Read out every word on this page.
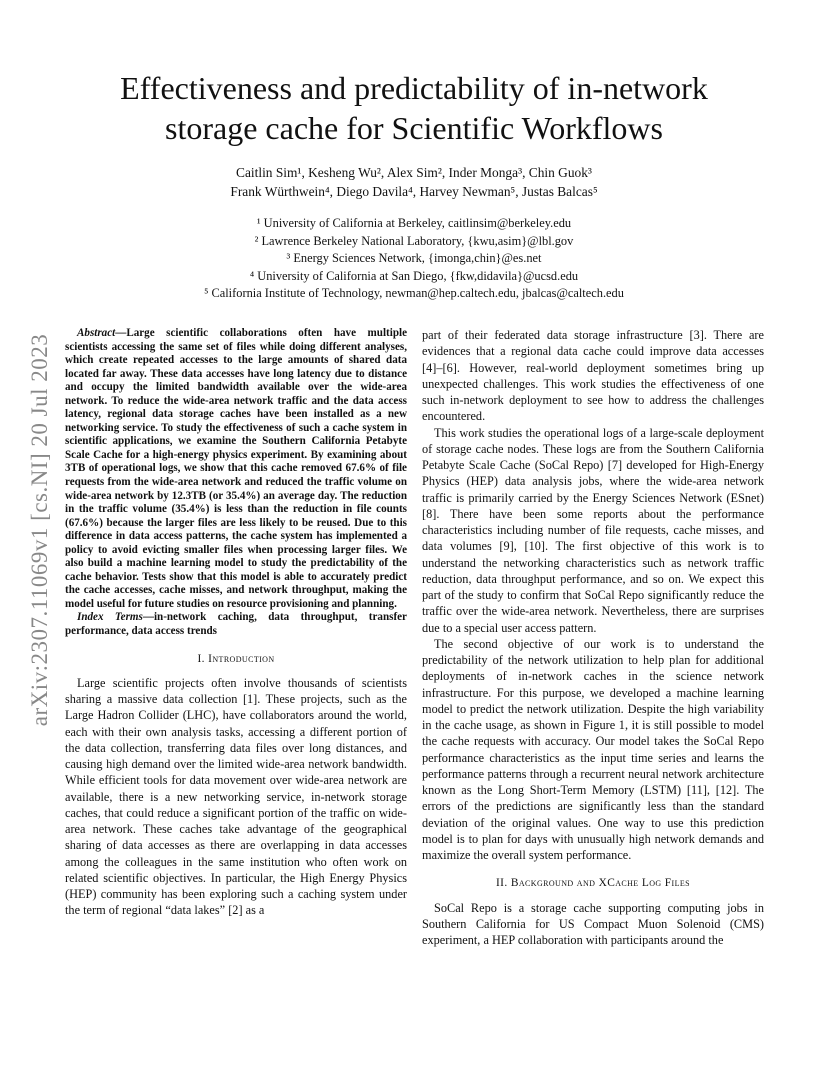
arXiv:2307.11069v1 [cs.NI] 20 Jul 2023
Effectiveness and predictability of in-network
storage cache for Scientific Workflows
Caitlin Sim¹, Kesheng Wu², Alex Sim², Inder Monga³, Chin Guok³
Frank Würthwein⁴, Diego Davila⁴, Harvey Newman⁵, Justas Balcas⁵
¹ University of California at Berkeley, caitlinsim@berkeley.edu
² Lawrence Berkeley National Laboratory, {kwu,asim}@lbl.gov
³ Energy Sciences Network, {imonga,chin}@es.net
⁴ University of California at San Diego, {fkw,didavila}@ucsd.edu
⁵ California Institute of Technology, newman@hep.caltech.edu, jbalcas@caltech.edu

Abstract—Large scientific collaborations often have multiple scientists accessing the same set of files while doing different analyses, which create repeated accesses to the large amounts of shared data located far away. These data accesses have long latency due to distance and occupy the limited bandwidth available over the wide-area network. To reduce the wide-area network traffic and the data access latency, regional data storage caches have been installed as a new networking service. To study the effectiveness of such a cache system in scientific applications, we examine the Southern California Petabyte Scale Cache for a high-energy physics experiment. By examining about 3TB of operational logs, we show that this cache removed 67.6% of file requests from the wide-area network and reduced the traffic volume on wide-area network by 12.3TB (or 35.4%) an average day. The reduction in the traffic volume (35.4%) is less than the reduction in file counts (67.6%) because the larger files are less likely to be reused. Due to this difference in data access patterns, the cache system has implemented a policy to avoid evicting smaller files when processing larger files. We also build a machine learning model to study the predictability of the cache behavior. Tests show that this model is able to accurately predict the cache accesses, cache misses, and network throughput, making the model useful for future studies on resource provisioning and planning.

Index Terms—in-network caching, data throughput, transfer performance, data access trends

I. Introduction

Large scientific projects often involve thousands of scientists sharing a massive data collection [1]. These projects, such as the Large Hadron Collider (LHC), have collaborators around the world, each with their own analysis tasks, accessing a different portion of the data collection, transferring data files over long distances, and causing high demand over the limited wide-area network bandwidth. While efficient tools for data movement over wide-area network are available, there is a new networking service, in-network storage caches, that could reduce a significant portion of the traffic on wide-area network. These caches take advantage of the geographical sharing of data accesses as there are overlapping in data accesses among the colleagues in the same institution who often work on related scientific objectives. In particular, the High Energy Physics (HEP) community has been exploring such a caching system under the term of regional “data lakes” [2] as a

part of their federated data storage infrastructure [3]. There are evidences that a regional data cache could improve data accesses [4]–[6]. However, real-world deployment sometimes bring up unexpected challenges. This work studies the effectiveness of one such in-network deployment to see how to address the challenges encountered.

This work studies the operational logs of a large-scale deployment of storage cache nodes. These logs are from the Southern California Petabyte Scale Cache (SoCal Repo) [7] developed for High-Energy Physics (HEP) data analysis jobs, where the wide-area network traffic is primarily carried by the Energy Sciences Network (ESnet) [8]. There have been some reports about the performance characteristics including number of file requests, cache misses, and data volumes [9], [10]. The first objective of this work is to understand the networking characteristics such as network traffic reduction, data throughput performance, and so on. We expect this part of the study to confirm that SoCal Repo significantly reduce the traffic over the wide-area network. Nevertheless, there are surprises due to a special user access pattern.

The second objective of our work is to understand the predictability of the network utilization to help plan for additional deployments of in-network caches in the science network infrastructure. For this purpose, we developed a machine learning model to predict the network utilization. Despite the high variability in the cache usage, as shown in Figure 1, it is still possible to model the cache requests with accuracy. Our model takes the SoCal Repo performance characteristics as the input time series and learns the performance patterns through a recurrent neural network architecture known as the Long Short-Term Memory (LSTM) [11], [12]. The errors of the predictions are significantly less than the standard deviation of the original values. One way to use this prediction model is to plan for days with unusually high network demands and maximize the overall system performance.

II. Background and XCache Log Files

SoCal Repo is a storage cache supporting computing jobs in Southern California for US Compact Muon Solenoid (CMS) experiment, a HEP collaboration with participants around the
